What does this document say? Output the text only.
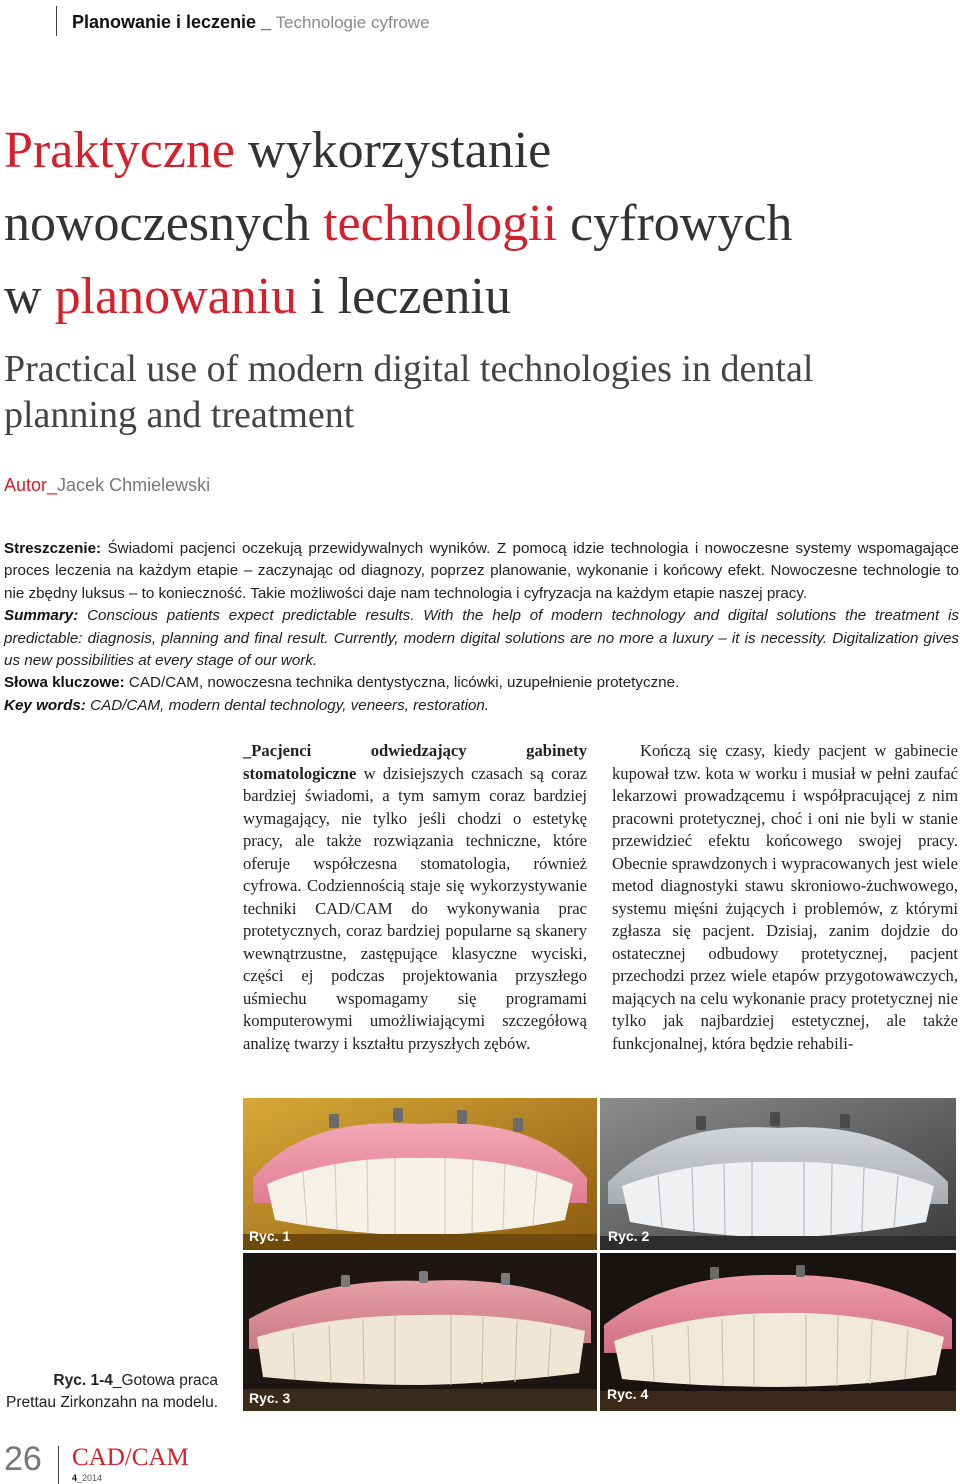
Planowanie i leczenie _ Technologie cyfrowe
Praktyczne wykorzystanie
nowoczesnych technologii cyfrowych
w planowaniu i leczeniu
Practical use of modern digital technologies in dental planning and treatment
Autor_Jacek Chmielewski

Streszczenie: Świadomi pacjenci oczekują przewidywalnych wyników. Z pomocą idzie technologia i nowoczesne systemy wspomagające proces leczenia na każdym etapie – zaczynając od diagnozy, poprzez planowanie, wykonanie i końcowy efekt. Nowoczesne technologie to nie zbędny luksus – to konieczność. Takie możliwości daje nam technologia i cyfryzacja na każdym etapie naszej pracy.

Summary: Conscious patients expect predictable results. With the help of modern technology and digital solutions the treatment is predictable: diagnosis, planning and final result. Currently, modern digital solutions are no more a luxury – it is necessity. Digitalization gives us new possibilities at every stage of our work.

Słowa kluczowe: CAD/CAM, nowoczesna technika dentystyczna, licówki, uzupełnienie protetyczne.

Key words: CAD/CAM, modern dental technology, veneers, restoration.

_Pacjenci odwiedzający gabinety stomatologiczne w dzisiejszych czasach są coraz bardziej świadomi, a tym samym coraz bardziej wymagający, nie tylko jeśli chodzi o estetykę pracy, ale także rozwiązania techniczne, które oferuje współczesna stomatologia, również cyfrowa. Codziennością staje się wykorzystywanie techniki CAD/CAM do wykonywania prac protetycznych, coraz bardziej popularne są skanery wewnątrzustne, zastępujące klasyczne wyciski, części ej podczas projektowania przyszłego uśmiechu wspomagamy się programami komputerowymi umożliwiającymi szczegółową analizę twarzy i kształtu przyszłych zębów.

Kończą się czasy, kiedy pacjent w gabinecie kupował tzw. kota w worku i musiał w pełni zaufać lekarzowi prowadzącemu i współpracującej z nim pracowni protetycznej, choć i oni nie byli w stanie przewidzieć efektu końcowego swojej pracy. Obecnie sprawdzonych i wypracowanych jest wiele metod diagnostyki stawu skroniowo-żuchwowego, systemu mięśni żujących i problemów, z którymi zgłasza się pacjent. Dzisiaj, zanim dojdzie do ostatecznej odbudowy protetycznej, pacjent przechodzi przez wiele etapów przygotowawczych, mających na celu wykonanie pracy protetycznej nie tylko jak najbardziej estetycznej, ale także funkcjonalnej, która będzie rehabili-

Ryc. 1	Ryc. 2
Ryc. 3	Ryc. 4
Ryc. 1-4_Gotowa praca Prettau Zirkonzahn na modelu.
26 CAD/CAM
4_2014
